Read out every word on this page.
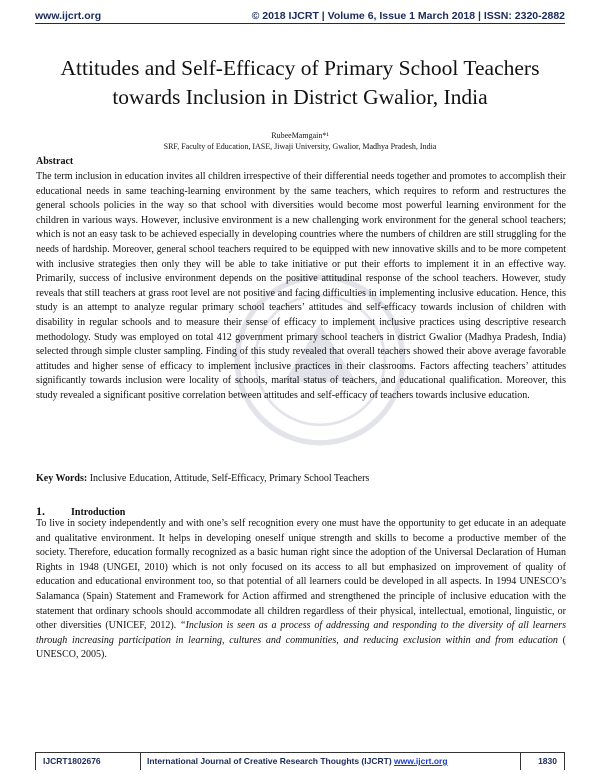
www.ijcrt.org	© 2018 IJCRT | Volume 6, Issue 1 March 2018 | ISSN: 2320-2882
Attitudes and Self-Efficacy of Primary School Teachers
towards Inclusion in District Gwalior, India
RubeeMamgain*¹
SRF, Faculty of Education, IASE, Jiwaji University, Gwalior, Madhya Pradesh, India
Abstract
The term inclusion in education invites all children irrespective of their differential needs together and promotes to accomplish their educational needs in same teaching-learning environment by the same teachers, which requires to reform and restructures the general schools policies in the way so that school with diversities would become most powerful learning environment for the children in various ways. However, inclusive environment is a new challenging work environment for the general school teachers; which is not an easy task to be achieved especially in developing countries where the numbers of children are still struggling for the needs of hardship. Moreover, general school teachers required to be equipped with new innovative skills and to be more competent with inclusive strategies then only they will be able to take initiative or put their efforts to implement it in an effective way. Primarily, success of inclusive environment depends on the positive attitudinal response of the school teachers. However, study reveals that still teachers at grass root level are not positive and facing difficulties in implementing inclusive education. Hence, this study is an attempt to analyze regular primary school teachers’ attitudes and self-efficacy towards inclusion of children with disability in regular schools and to measure their sense of efficacy to implement inclusive practices using descriptive research methodology. Study was employed on total 412 government primary school teachers in district Gwalior (Madhya Pradesh, India) selected through simple cluster sampling. Finding of this study revealed that overall teachers showed their above average favorable attitudes and higher sense of efficacy to implement inclusive practices in their classrooms. Factors affecting teachers’ attitudes significantly towards inclusion were locality of schools, marital status of teachers, and educational qualification. Moreover, this study revealed a significant positive correlation between attitudes and self-efficacy of teachers towards inclusive education.
Key Words: Inclusive Education, Attitude, Self-Efficacy, Primary School Teachers
1.	Introduction
To live in society independently and with one’s self recognition every one must have the opportunity to get educate in an adequate and qualitative environment. It helps in developing oneself unique strength and skills to become a productive member of the society. Therefore, education formally recognized as a basic human right since the adoption of the Universal Declaration of Human Rights in 1948 (UNGEI, 2010) which is not only focused on its access to all but emphasized on improvement of quality of education and educational environment too, so that potential of all learners could be developed in all aspects. In 1994 UNESCO’s Salamanca (Spain) Statement and Framework for Action affirmed and strengthened the principle of inclusive education with the statement that ordinary schools should accommodate all children regardless of their physical, intellectual, emotional, linguistic, or other diversities (UNICEF, 2012). “Inclusion is seen as a process of addressing and responding to the diversity of all learners through increasing participation in learning, cultures and communities, and reducing exclusion within and from education ( UNESCO, 2005).
IJCRT1802676	International Journal of Creative Research Thoughts (IJCRT) www.ijcrt.org	1830
